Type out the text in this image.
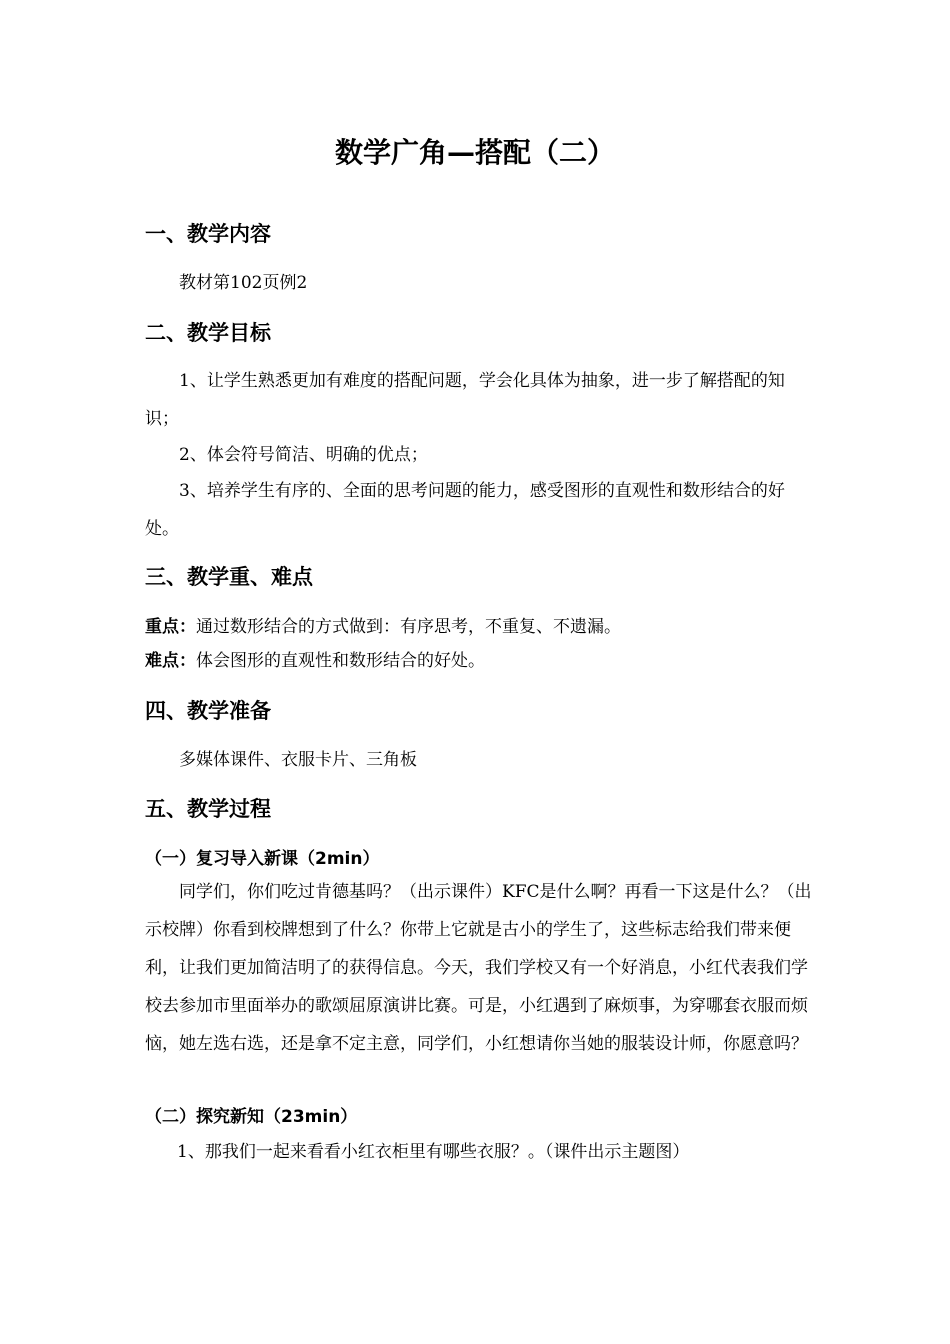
数学广角—搭配（二）
一、教学内容
教材第102页例2
二、教学目标
1、让学生熟悉更加有难度的搭配问题，学会化具体为抽象，进一步了解搭配的知识；
2、体会符号简洁、明确的优点；
3、培养学生有序的、全面的思考问题的能力，感受图形的直观性和数形结合的好处。
三、教学重、难点
重点：通过数形结合的方式做到：有序思考，不重复、不遗漏。
难点：体会图形的直观性和数形结合的好处。
四、教学准备
多媒体课件、衣服卡片、三角板
五、教学过程
（一）复习导入新课（2min）
同学们，你们吃过肯德基吗？（出示课件）KFC是什么啊？再看一下这是什么？（出示校牌）你看到校牌想到了什么？你带上它就是古小的学生了，这些标志给我们带来便利，让我们更加简洁明了的获得信息。今天，我们学校又有一个好消息，小红代表我们学校去参加市里面举办的歌颂屈原演讲比赛。可是，小红遇到了麻烦事，为穿哪套衣服而烦恼，她左选右选，还是拿不定主意，同学们，小红想请你当她的服装设计师，你愿意吗？
（二）探究新知（23min）
1、那我们一起来看看小红衣柜里有哪些衣服？。（课件出示主题图）
